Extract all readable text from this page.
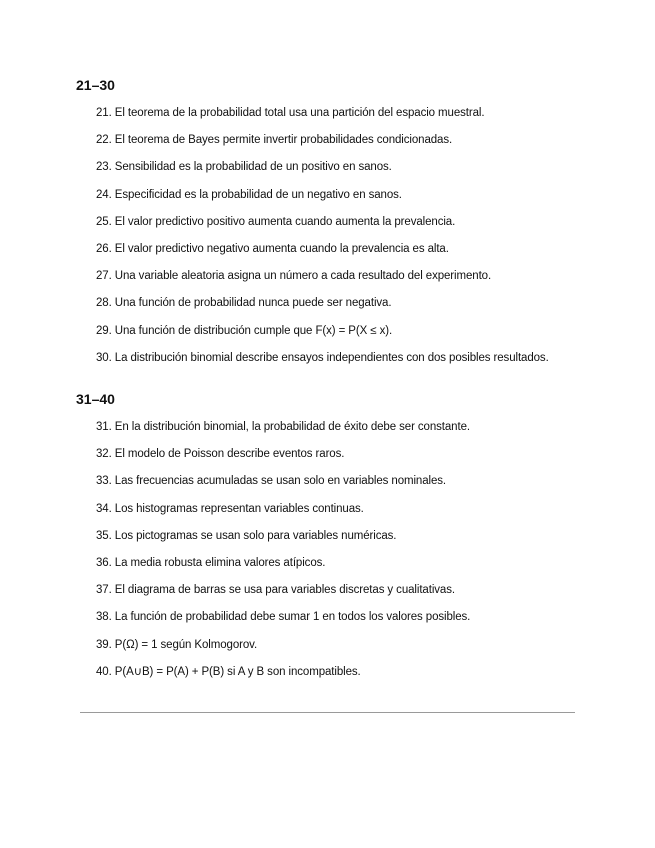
21–30
21. El teorema de la probabilidad total usa una partición del espacio muestral.
22. El teorema de Bayes permite invertir probabilidades condicionadas.
23. Sensibilidad es la probabilidad de un positivo en sanos.
24. Especificidad es la probabilidad de un negativo en sanos.
25. El valor predictivo positivo aumenta cuando aumenta la prevalencia.
26. El valor predictivo negativo aumenta cuando la prevalencia es alta.
27. Una variable aleatoria asigna un número a cada resultado del experimento.
28. Una función de probabilidad nunca puede ser negativa.
29. Una función de distribución cumple que F(x) = P(X ≤ x).
30. La distribución binomial describe ensayos independientes con dos posibles resultados.
31–40
31. En la distribución binomial, la probabilidad de éxito debe ser constante.
32. El modelo de Poisson describe eventos raros.
33. Las frecuencias acumuladas se usan solo en variables nominales.
34. Los histogramas representan variables continuas.
35. Los pictogramas se usan solo para variables numéricas.
36. La media robusta elimina valores atípicos.
37. El diagrama de barras se usa para variables discretas y cualitativas.
38. La función de probabilidad debe sumar 1 en todos los valores posibles.
39. P(Ω) = 1 según Kolmogorov.
40. P(A∪B) = P(A) + P(B) si A y B son incompatibles.
